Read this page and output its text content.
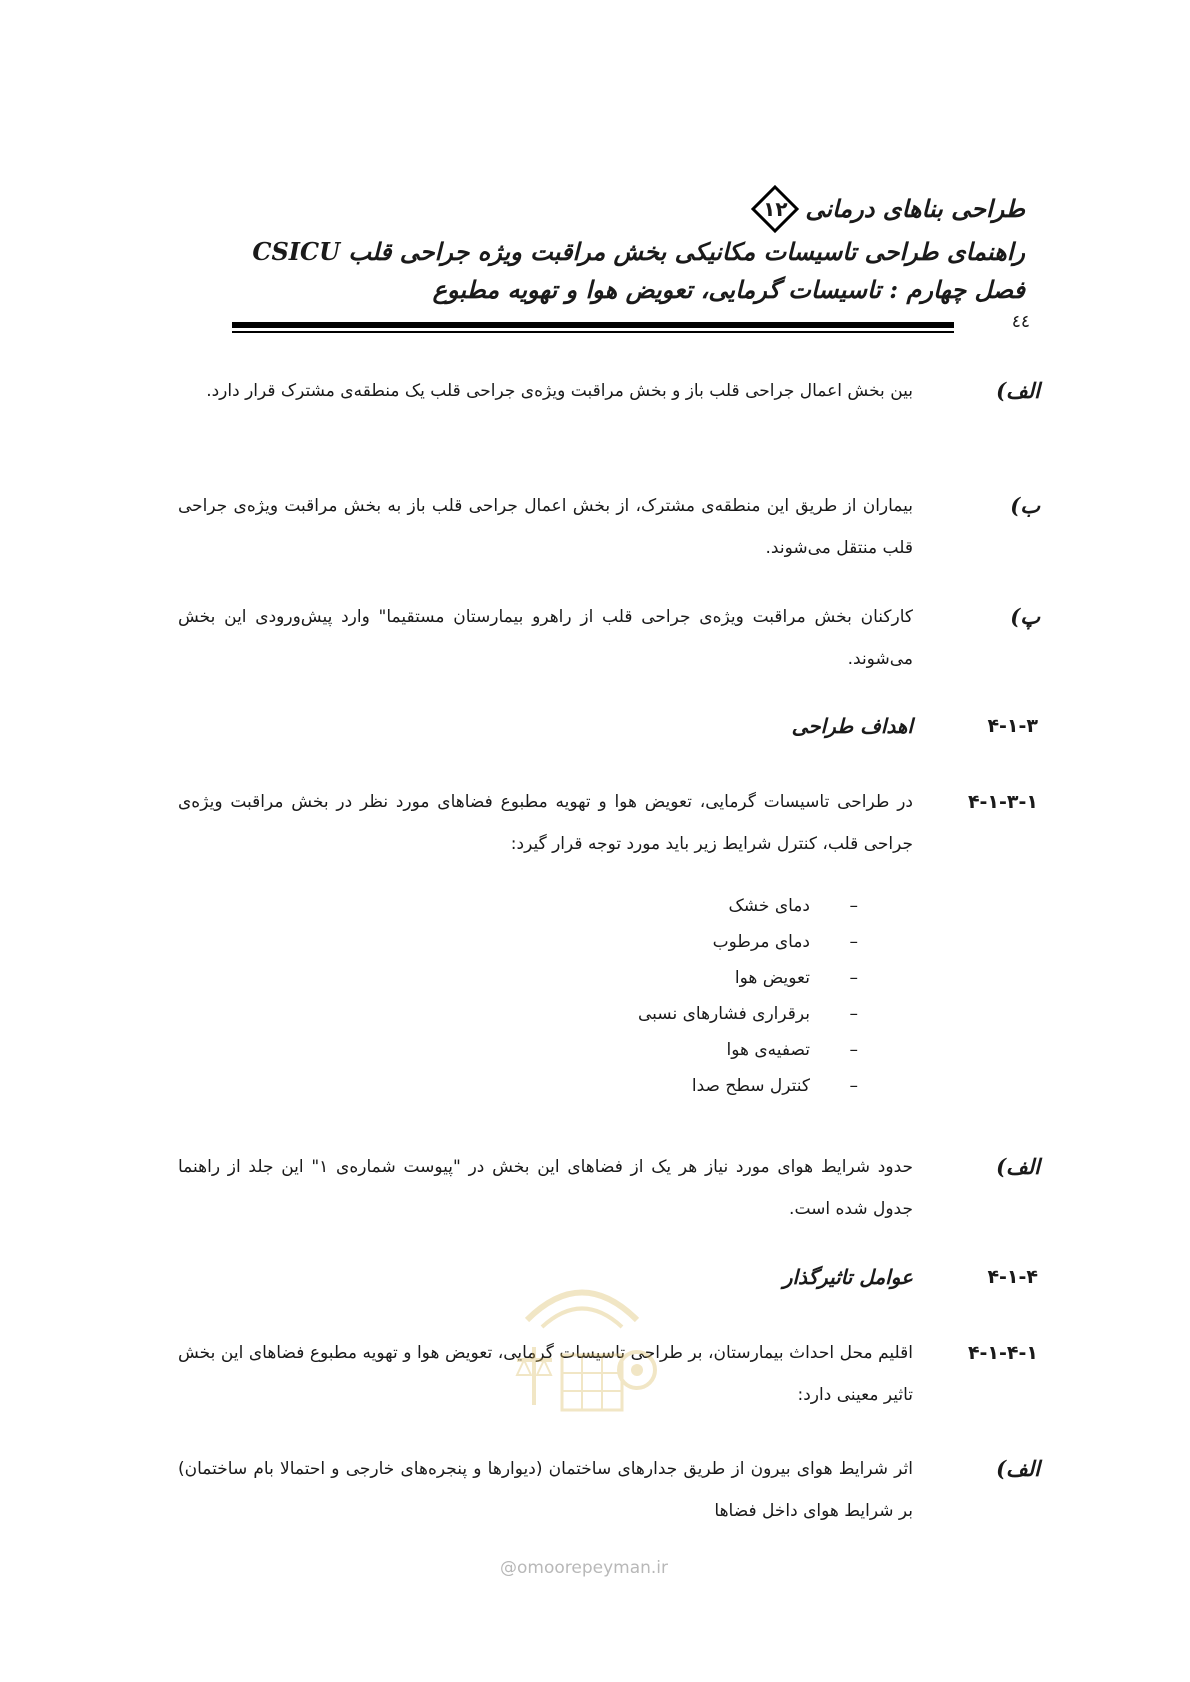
طراحی بناهای درمانی
۱۲
راهنمای طراحی تاسیسات مکانیکی بخش مراقبت ویژه جراحی قلب CSICU
فصل چهارم : تاسیسات گرمایی، تعویض هوا و تهویه مطبوع
٤٤
الف)
بین بخش اعمال جراحی قلب باز و بخش مراقبت ویژه‌ی جراحی قلب یک منطقه‌ی مشترک قرار دارد.
ب)
بیماران از طریق این منطقه‌ی مشترک، از بخش اعمال جراحی قلب باز به بخش مراقبت ویژه‌ی جراحی قلب منتقل می‌شوند.
پ)
کارکنان بخش مراقبت ویژه‌ی جراحی قلب از راهرو بیمارستان مستقیما" وارد پیش‌ورودی این بخش می‌شوند.
۴-۱-۳
اهداف طراحی
۴-۱-۳-۱
در طراحی تاسیسات گرمایی، تعویض هوا و تهویه مطبوع فضاهای مورد نظر در بخش مراقبت ویژه‌ی جراحی قلب، کنترل شرایط زیر باید مورد توجه قرار گیرد:
–
دمای خشک
–
دمای مرطوب
–
تعویض هوا
–
برقراری فشارهای نسبی
–
تصفیه‌ی هوا
–
کنترل سطح صدا
الف)
حدود شرایط هوای مورد نیاز هر یک از فضاهای این بخش در "پیوست شماره‌ی ۱" این جلد از راهنما جدول شده است.
۴-۱-۴
عوامل تاثیرگذار
۴-۱-۴-۱
اقلیم محل احداث بیمارستان، بر طراحی تاسیسات گرمایی، تعویض هوا و تهویه مطبوع فضاهای این بخش تاثیر معینی دارد:
الف)
اثر شرایط هوای بیرون از طریق جدارهای ساختمان (دیوارها و پنجره‌های خارجی و احتمالا بام ساختمان) بر شرایط هوای داخل فضاها
@omoorepeyman.ir
